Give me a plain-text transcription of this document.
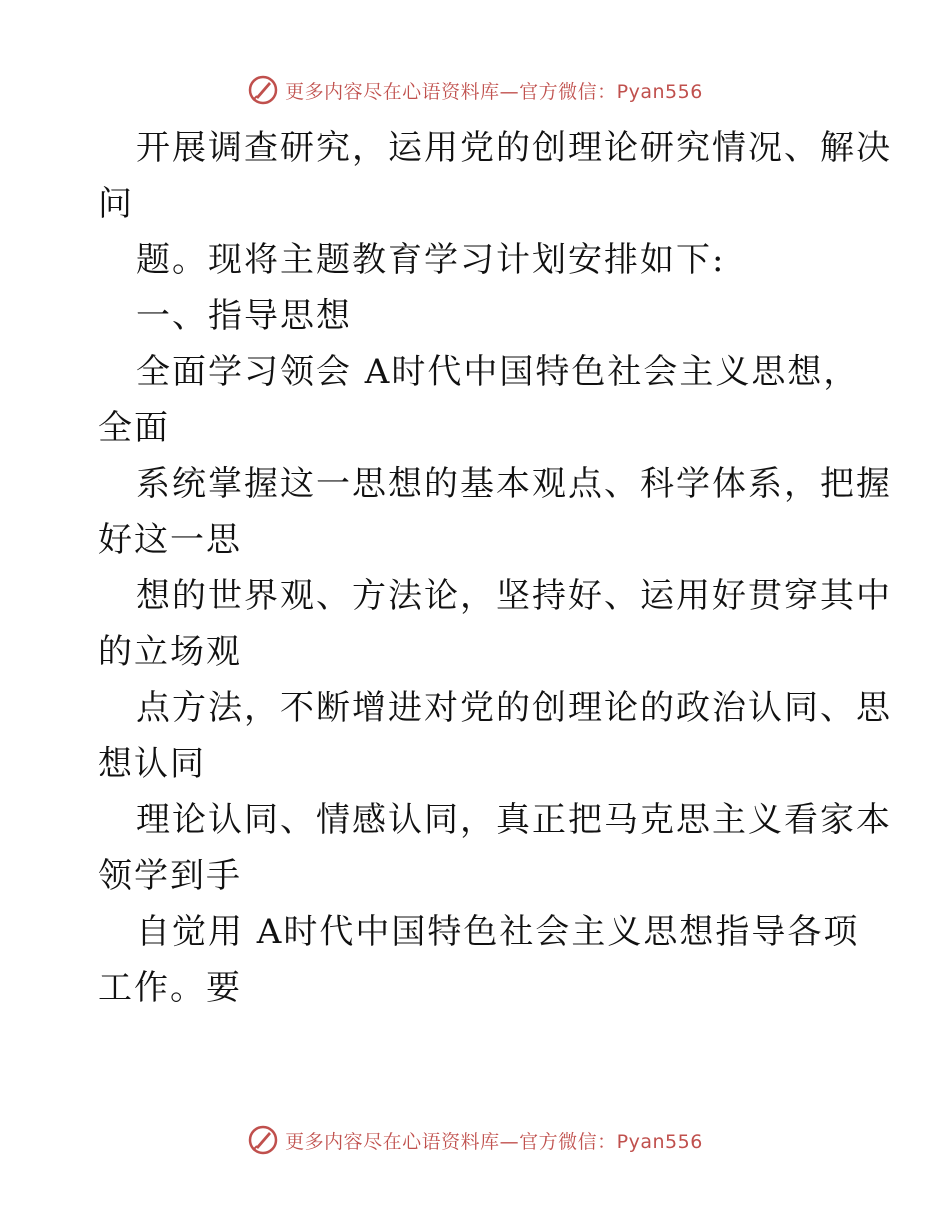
更多内容尽在心语资料库—官方微信：Pyan556
开展调查研究，运用党的创理论研究情况、解决
问
题。现将主题教育学习计划安排如下:
一、指导思想
全面学习领会 A时代中国特色社会主义思想，
全面
系统掌握这一思想的基本观点、科学体系，把握
好这一思
想的世界观、方法论，坚持好、运用好贯穿其中
的立场观
点方法，不断增进对党的创理论的政治认同、思
想认同
理论认同、情感认同，真正把马克思主义看家本
领学到手
自觉用 A时代中国特色社会主义思想指导各项
工作。要
更多内容尽在心语资料库—官方微信：Pyan556
